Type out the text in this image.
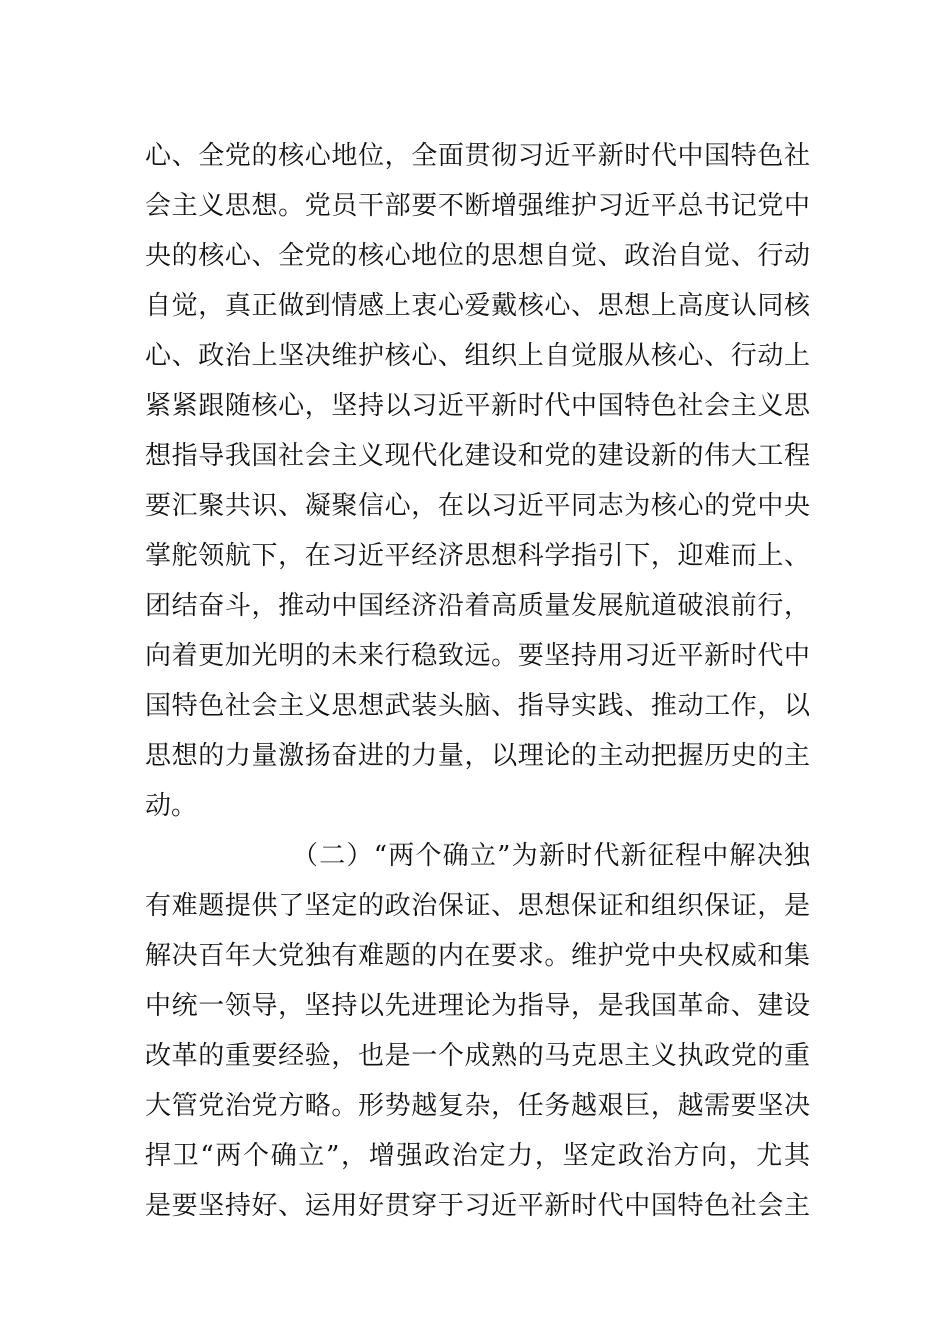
心、全党的核心地位，全面贯彻习近平新时代中国特色社
会主义思想。党员干部要不断增强维护习近平总书记党中
央的核心、全党的核心地位的思想自觉、政治自觉、行动
自觉，真正做到情感上衷心爱戴核心、思想上高度认同核
心、政治上坚决维护核心、组织上自觉服从核心、行动上
紧紧跟随核心，坚持以习近平新时代中国特色社会主义思
想指导我国社会主义现代化建设和党的建设新的伟大工程
要汇聚共识、凝聚信心，在以习近平同志为核心的党中央
掌舵领航下，在习近平经济思想科学指引下，迎难而上、
团结奋斗，推动中国经济沿着高质量发展航道破浪前行，
向着更加光明的未来行稳致远。要坚持用习近平新时代中
国特色社会主义思想武装头脑、指导实践、推动工作，以
思想的力量激扬奋进的力量，以理论的主动把握历史的主
动。
（二）“两个确立”为新时代新征程中解决独
有难题提供了坚定的政治保证、思想保证和组织保证，是
解决百年大党独有难题的内在要求。维护党中央权威和集
中统一领导，坚持以先进理论为指导，是我国革命、建设
改革的重要经验，也是一个成熟的马克思主义执政党的重
大管党治党方略。形势越复杂，任务越艰巨，越需要坚决
捍卫“两个确立”，增强政治定力，坚定政治方向，尤其
是要坚持好、运用好贯穿于习近平新时代中国特色社会主
